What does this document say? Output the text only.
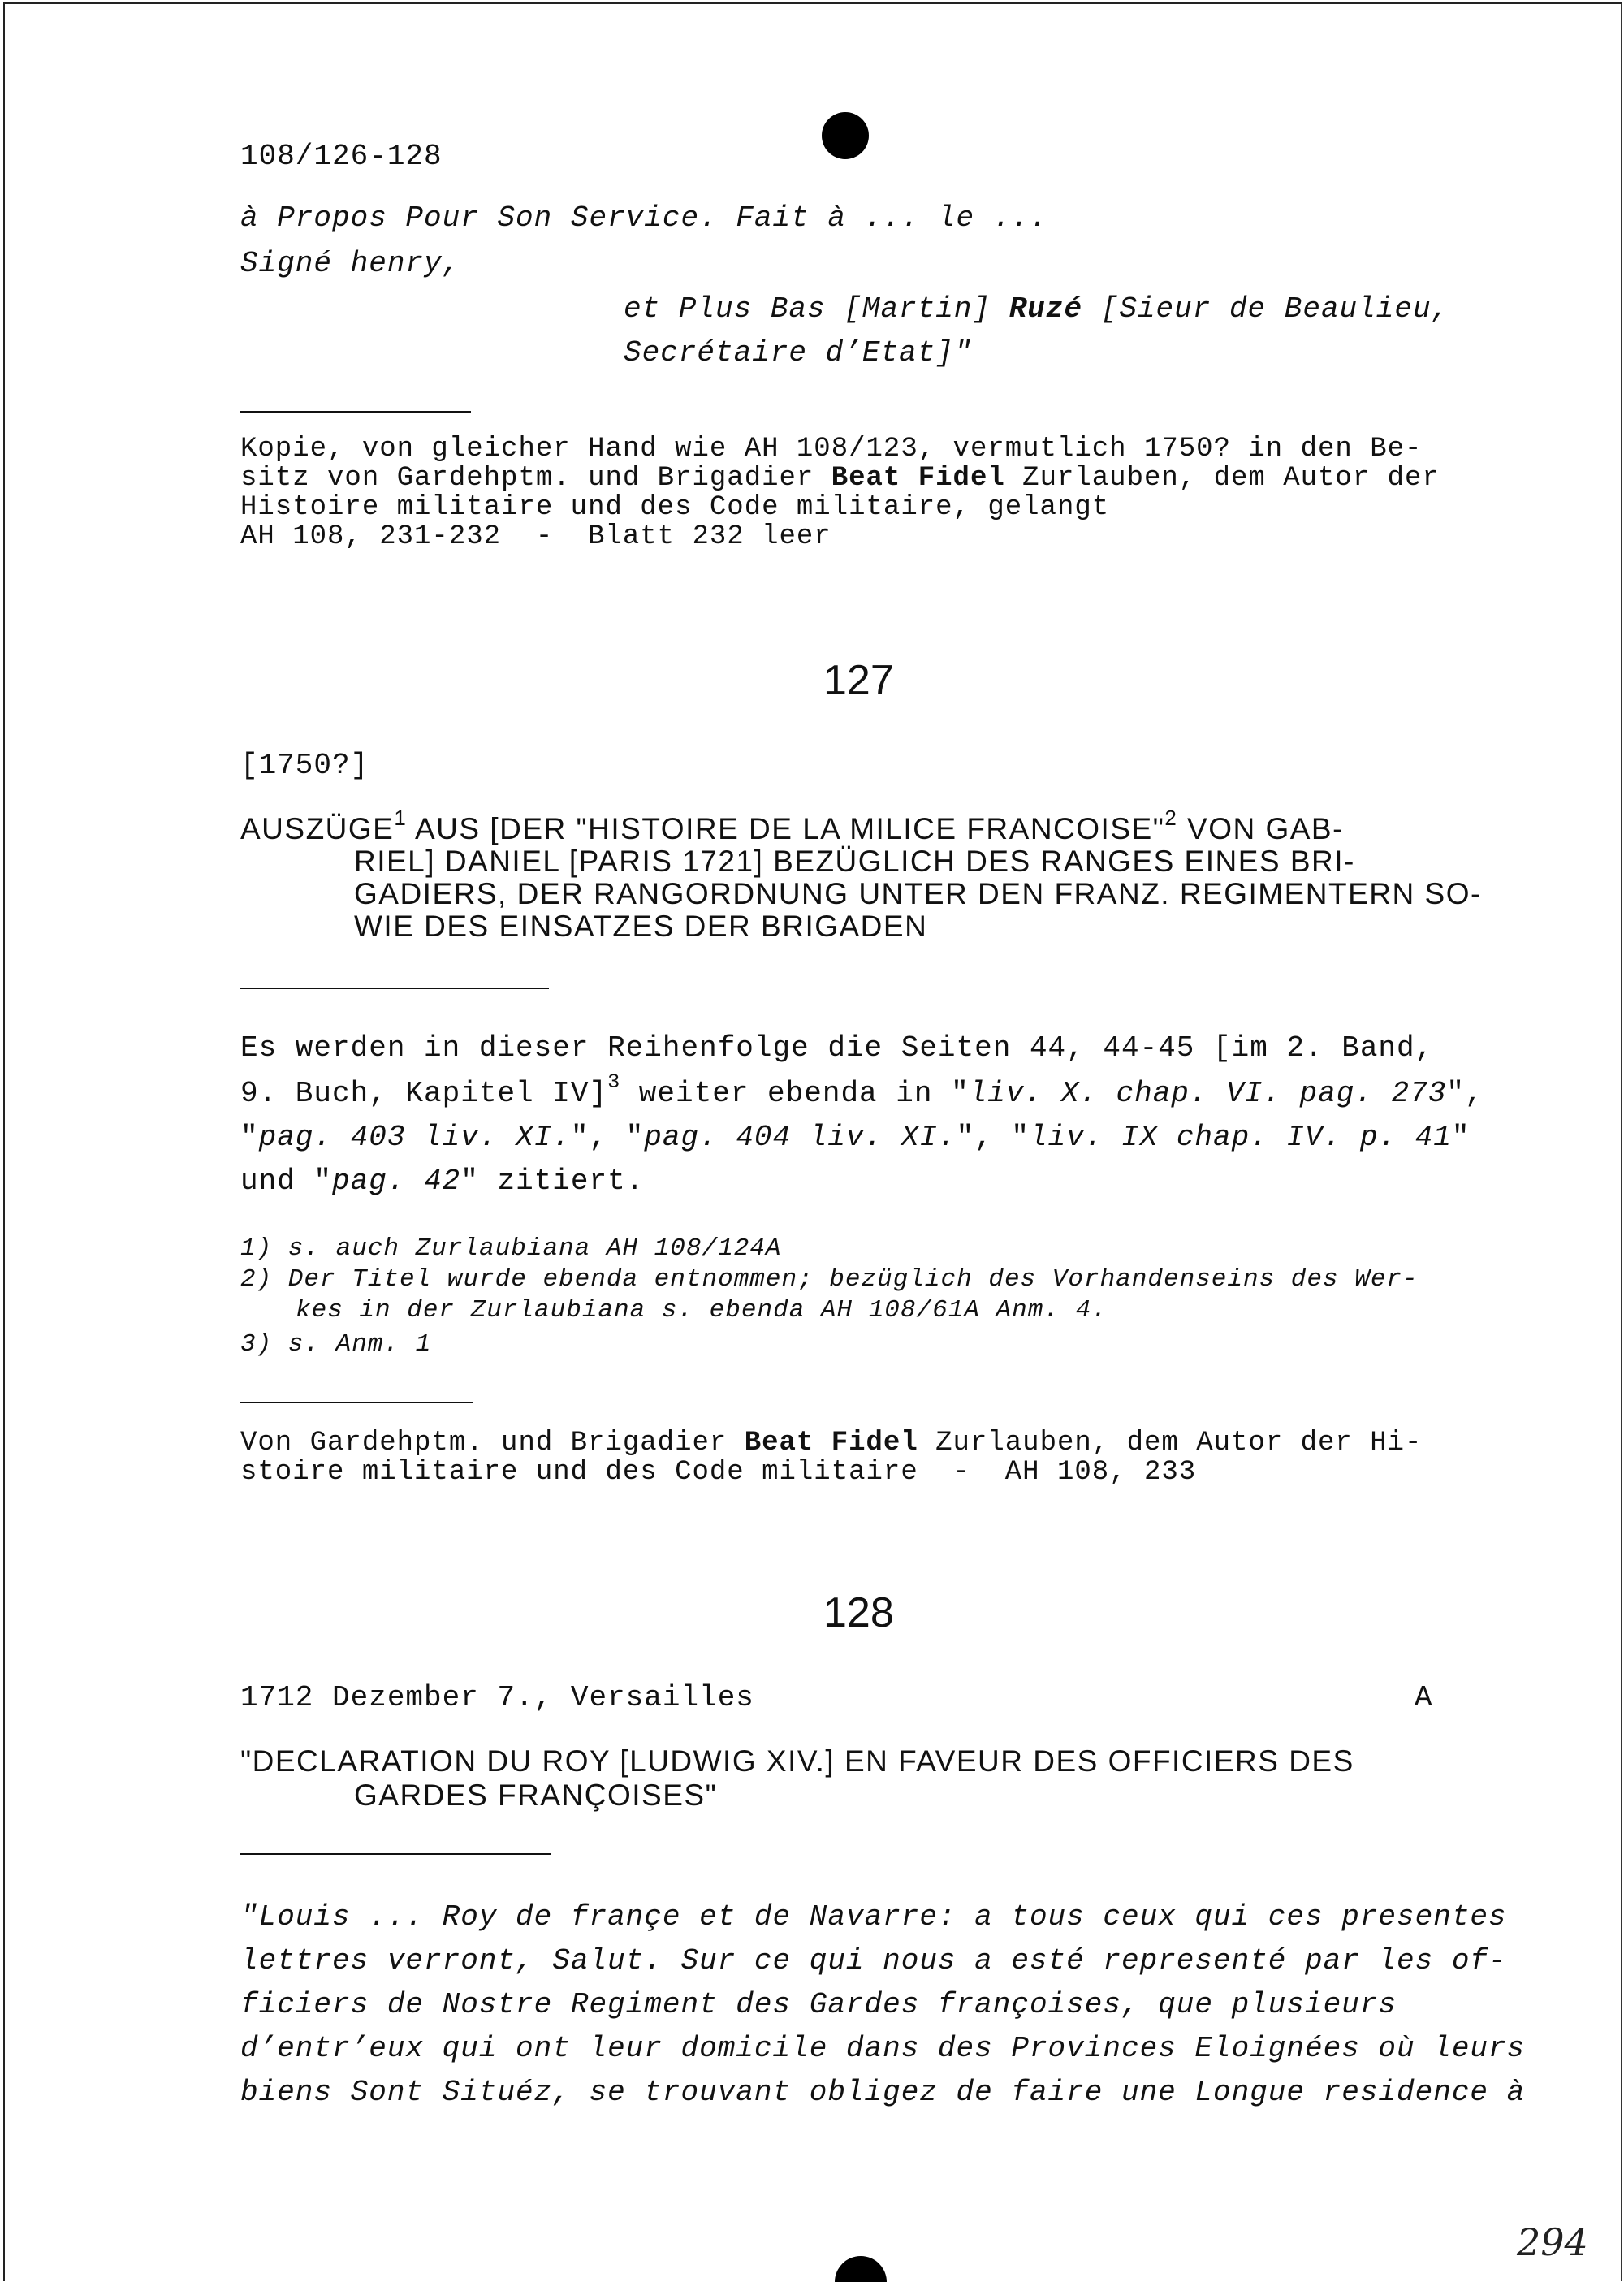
108/126-128
à Propos Pour Son Service. Fait à ... le ...
Signé henry,
et Plus Bas [Martin] Ruzé [Sieur de Beaulieu,
Secrétaire d’Etat]"
Kopie, von gleicher Hand wie AH 108/123, vermutlich 1750? in den Be-
sitz von Gardehptm. und Brigadier Beat Fidel Zurlauben, dem Autor der
Histoire militaire und des Code militaire, gelangt
AH 108, 231-232  -  Blatt 232 leer
127
[1750?]
AUSZÜGE$^1$ AUS [DER "HISTOIRE DE LA MILICE FRANCOISE"$^2$ VON GAB-
RIEL] DANIEL [PARIS 1721] BEZÜGLICH DES RANGES EINES BRI-
GADIERS, DER RANGORDNUNG UNTER DEN FRANZ. REGIMENTERN SO-
WIE DES EINSATZES DER BRIGADEN
Es werden in dieser Reihenfolge die Seiten 44, 44-45 [im 2. Band,
9. Buch, Kapitel IV]$^3$ weiter ebenda in "liv. X. chap. VI. pag. 273",
"pag. 403 liv. XI.", "pag. 404 liv. XI.", "liv. IX chap. IV. p. 41"
und "pag. 42" zitiert.
1) s. auch Zurlaubiana AH 108/124A
2) Der Titel wurde ebenda entnommen; bezüglich des Vorhandenseins des Wer-
kes in der Zurlaubiana s. ebenda AH 108/61A Anm. 4.
3) s. Anm. 1
Von Gardehptm. und Brigadier Beat Fidel Zurlauben, dem Autor der Hi-
stoire militaire und des Code militaire  -  AH 108, 233
128
1712 Dezember 7., Versailles	A
"DECLARATION DU ROY [LUDWIG XIV.] EN FAVEUR DES OFFICIERS DES
GARDES FRANÇOISES"
"Louis ... Roy de françe et de Navarre: a tous ceux qui ces presentes
lettres verront, Salut. Sur ce qui nous a esté representé par les of-
ficiers de Nostre Regiment des Gardes françoises, que plusieurs
d’entr’eux qui ont leur domicile dans des Provinces Eloignées où leurs
biens Sont Situéz, se trouvant obligez de faire une Longue residence à
294
